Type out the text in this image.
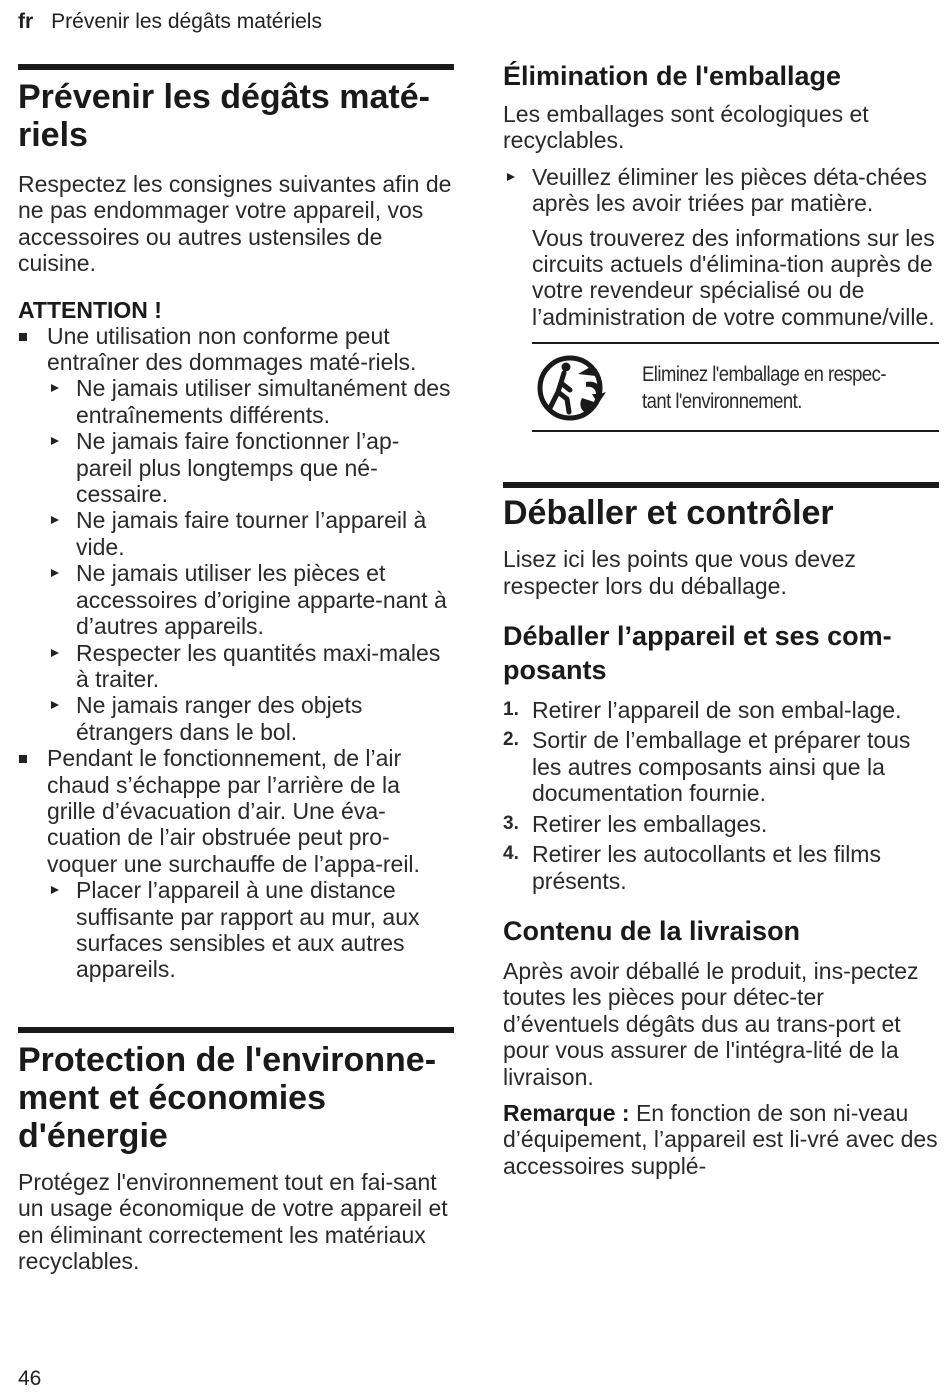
fr Prévenir les dégâts matériels
Prévenir les dégâts maté-
riels

Respectez les consignes suivantes afin de ne pas endommager votre appareil, vos accessoires ou autres ustensiles de cuisine.

ATTENTION !
Une utilisation non conforme peut entraîner des dommages maté-riels.
Ne jamais utiliser simultanément des entraînements différents.
Ne jamais faire fonctionner l’ap-pareil plus longtemps que né-cessaire.
Ne jamais faire tourner l’appareil à vide.
Ne jamais utiliser les pièces et accessoires d’origine apparte-nant à d’autres appareils.
Respecter les quantités maxi-males à traiter.
Ne jamais ranger des objets étrangers dans le bol.
Pendant le fonctionnement, de l’air chaud s’échappe par l’arrière de la grille d’évacuation d’air. Une éva-cuation de l’air obstruée peut pro-voquer une surchauffe de l’appa-reil.
Placer l’appareil à une distance suffisante par rapport au mur, aux surfaces sensibles et aux autres appareils.
Protection de l'environne-
ment et économies
d'énergie

Protégez l'environnement tout en fai-sant un usage économique de votre appareil et en éliminant correctement les matériaux recyclables.

Élimination de l'emballage

Les emballages sont écologiques et recyclables.

Veuillez éliminer les pièces déta-chées après les avoir triées par matière.

Vous trouverez des informations sur les circuits actuels d'élimina-tion auprès de votre revendeur spécialisé ou de l’administration de votre commune/ville.

Eliminez l'emballage en respec-
tant l'environnement.
Déballer et contrôler

Lisez ici les points que vous devez respecter lors du déballage.

Déballer l’appareil et ses com-
posants
1. Retirer l’appareil de son embal-lage.
2. Sortir de l’emballage et préparer tous les autres composants ainsi que la documentation fournie.
3. Retirer les emballages.
4. Retirer les autocollants et les films présents.
Contenu de la livraison

Après avoir déballé le produit, ins-pectez toutes les pièces pour détec-ter d’éventuels dégâts dus au trans-port et pour vous assurer de l'intégra-lité de la livraison.

Remarque : En fonction de son ni-veau d’équipement, l’appareil est li-vré avec des accessoires supplé-

46
